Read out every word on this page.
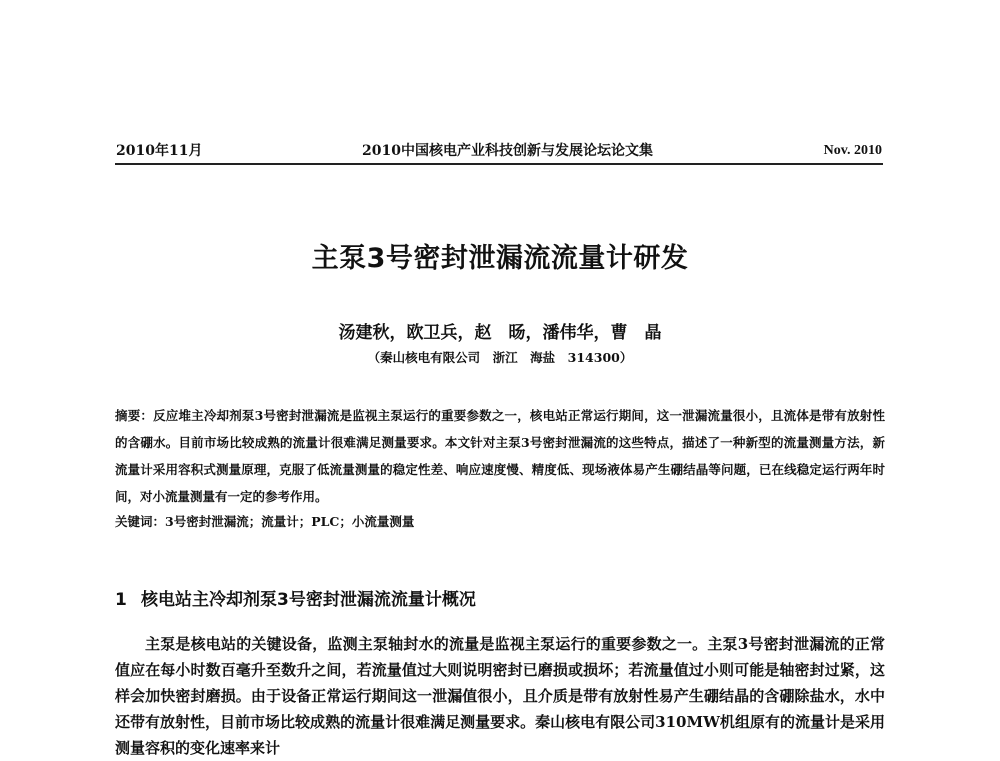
2010年11月	2010中国核电产业科技创新与发展论坛论文集	Nov. 2010
主泵3号密封泄漏流流量计研发
汤建秋，欧卫兵，赵　旸，潘伟华，曹　晶
（秦山核电有限公司　浙江　海盐　314300）
摘要：反应堆主冷却剂泵3号密封泄漏流是监视主泵运行的重要参数之一，核电站正常运行期间，这一泄漏流量很小，且流体是带有放射性的含硼水。目前市场比较成熟的流量计很难满足测量要求。本文针对主泵3号密封泄漏流的这些特点，描述了一种新型的流量测量方法，新流量计采用容积式测量原理，克服了低流量测量的稳定性差、响应速度慢、精度低、现场液体易产生硼结晶等问题，已在线稳定运行两年时间，对小流量测量有一定的参考作用。
关键词：3号密封泄漏流；流量计；PLC；小流量测量
1 核电站主冷却剂泵3号密封泄漏流流量计概况
主泵是核电站的关键设备，监测主泵轴封水的流量是监视主泵运行的重要参数之一。主泵3号密封泄漏流的正常值应在每小时数百毫升至数升之间，若流量值过大则说明密封已磨损或损坏；若流量值过小则可能是轴密封过紧，这样会加快密封磨损。由于设备正常运行期间这一泄漏值很小，且介质是带有放射性易产生硼结晶的含硼除盐水，水中还带有放射性，目前市场比较成熟的流量计很难满足测量要求。秦山核电有限公司310MW机组原有的流量计是采用测量容积的变化速率来计
